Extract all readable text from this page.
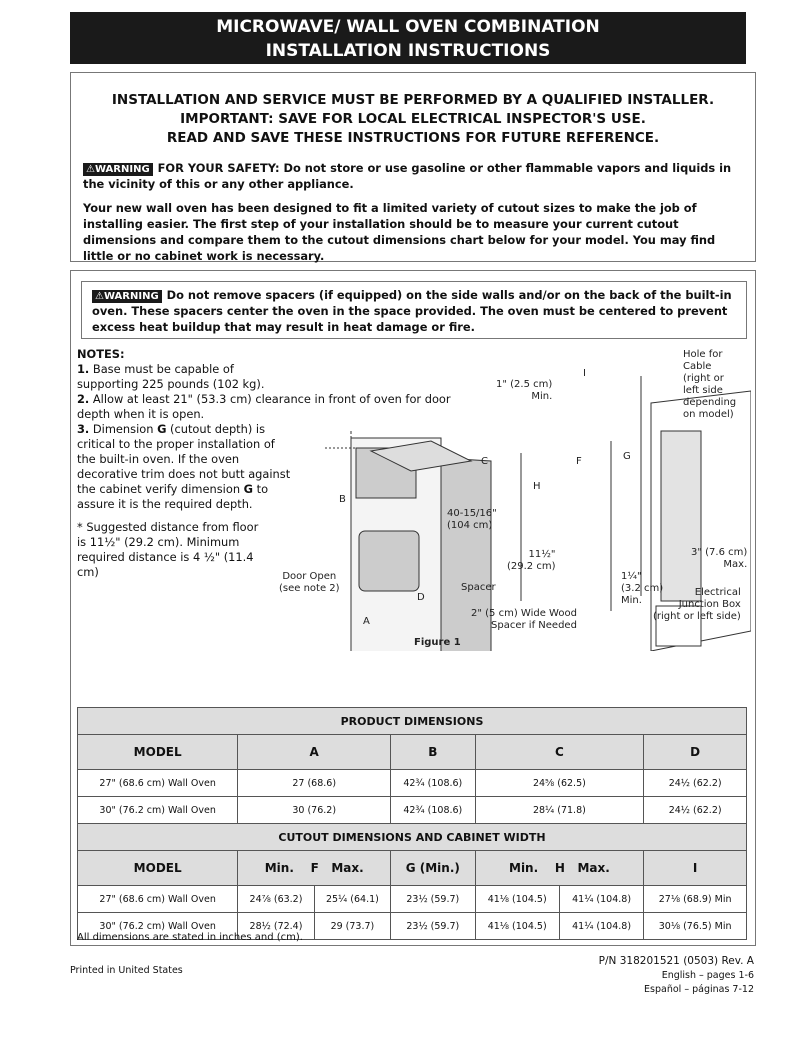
MICROWAVE/ WALL OVEN COMBINATION
INSTALLATION INSTRUCTIONS
INSTALLATION AND SERVICE MUST BE PERFORMED BY A QUALIFIED INSTALLER.
IMPORTANT: SAVE FOR LOCAL ELECTRICAL INSPECTOR'S USE.
READ AND SAVE THESE INSTRUCTIONS FOR FUTURE REFERENCE.

⚠WARNING FOR YOUR SAFETY: Do not store or use gasoline or other flammable vapors and liquids in the vicinity of this or any other appliance.

Your new wall oven has been designed to fit a limited variety of cutout sizes to make the job of installing easier. The first step of your installation should be to measure your current cutout dimensions and compare them to the cutout dimensions chart below for your model. You may find little or no cabinet work is necessary.

⚠WARNING Do not remove spacers (if equipped) on the side walls and/or on the back of the built-in oven. These spacers center the oven in the space provided. The oven must be centered to prevent excess heat buildup that may result in heat damage or fire.
NOTES:
1. Base must be capable of supporting 225 pounds (102 kg).
2. Allow at least 21" (53.3 cm) clearance in front of oven for door depth when it is open.
3. Dimension G (cutout depth) is critical to the proper installation of the built-in oven. If the oven decorative trim does not butt against the cabinet verify dimension G to assure it is the required depth.
* Suggested distance from floor is 11½" (29.2 cm). Minimum required distance is 4 ½" (11.4 cm)
B
C
D
A
F	G
H
I
40-15/16"
(104 cm)
Door Open
(see note 2)	Spacer
1" (2.5 cm)
Min.
Hole for
Cable
(right or
left side
depending
on model)
11½"
(29.2 cm)
3" (7.6 cm)
Max.
1¼"
(3.2 cm)
Min.
2" (5 cm) Wide Wood
Spacer if Needed
Electrical
Junction Box
(right or left side)
Figure 1
PRODUCT DIMENSIONS						
MODEL	A		B	C		D
27" (68.6 cm) Wall Oven	27 (68.6)		42¾ (108.6)	24⅝ (62.5)		24½ (62.2)
30" (76.2 cm) Wall Oven	30 (76.2)		42¾ (108.6)	28¼ (71.8)		24½ (62.2)
CUTOUT DIMENSIONS AND CABINET WIDTH						
MODEL	Min.    F   Max.		G (Min.)	Min.    H   Max.		I
27" (68.6 cm) Wall Oven	24⅞ (63.2)	25¼ (64.1)	23½ (59.7)	41⅛ (104.5)	41¼ (104.8)	27⅛ (68.9) Min
30" (76.2 cm) Wall Oven	28½ (72.4)	29 (73.7)	23½ (59.7)	41⅛ (104.5)	41¼ (104.8)	30⅛ (76.5) Min
All dimensions are stated in inches and (cm).
Printed in United States
P/N 318201521 (0503) Rev. A
English – pages 1-6
Español – páginas 7-12
